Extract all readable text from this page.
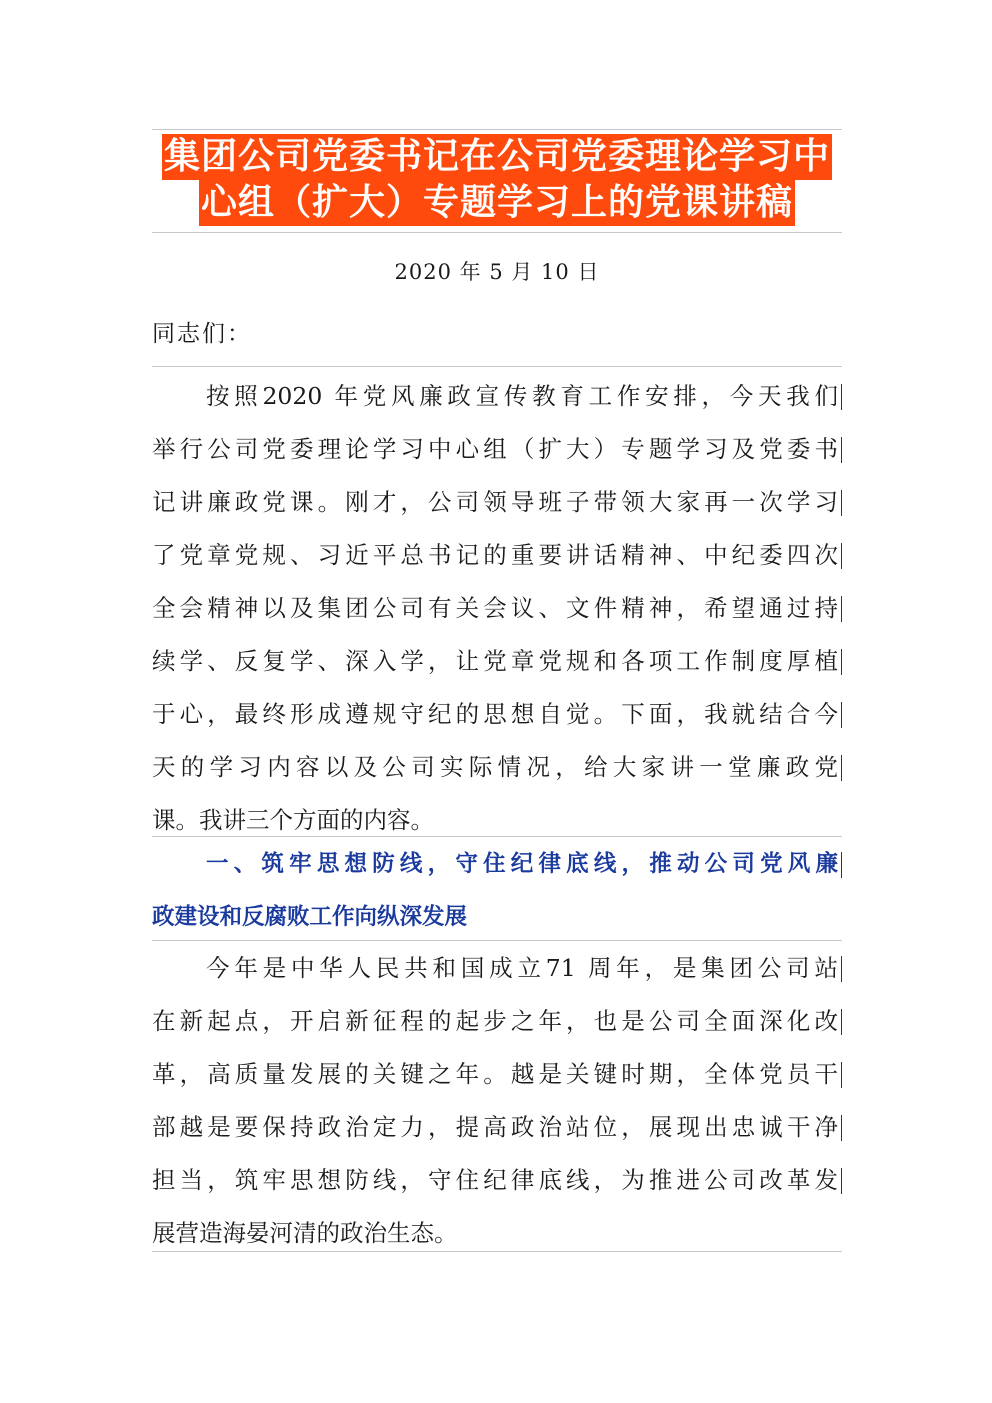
集团公司党委书记在公司党委理论学习中
心组（扩大）专题学习上的党课讲稿
2020 年 5 月 10 日
同志们：
按照2020 年党风廉政宣传教育工作安排，今天我们
举行公司党委理论学习中心组（扩大）专题学习及党委书
记讲廉政党课。刚才，公司领导班子带领大家再一次学习
了党章党规、习近平总书记的重要讲话精神、中纪委四次
全会精神以及集团公司有关会议、文件精神，希望通过持
续学、反复学、深入学，让党章党规和各项工作制度厚植
于心，最终形成遵规守纪的思想自觉。下面，我就结合今
天的学习内容以及公司实际情况，给大家讲一堂廉政党
课。我讲三个方面的内容。
一、筑牢思想防线，守住纪律底线，推动公司党风廉
政建设和反腐败工作向纵深发展
今年是中华人民共和国成立71 周年，是集团公司站
在新起点，开启新征程的起步之年，也是公司全面深化改
革，高质量发展的关键之年。越是关键时期，全体党员干
部越是要保持政治定力，提高政治站位，展现出忠诚干净
担当，筑牢思想防线，守住纪律底线，为推进公司改革发
展营造海晏河清的政治生态。
